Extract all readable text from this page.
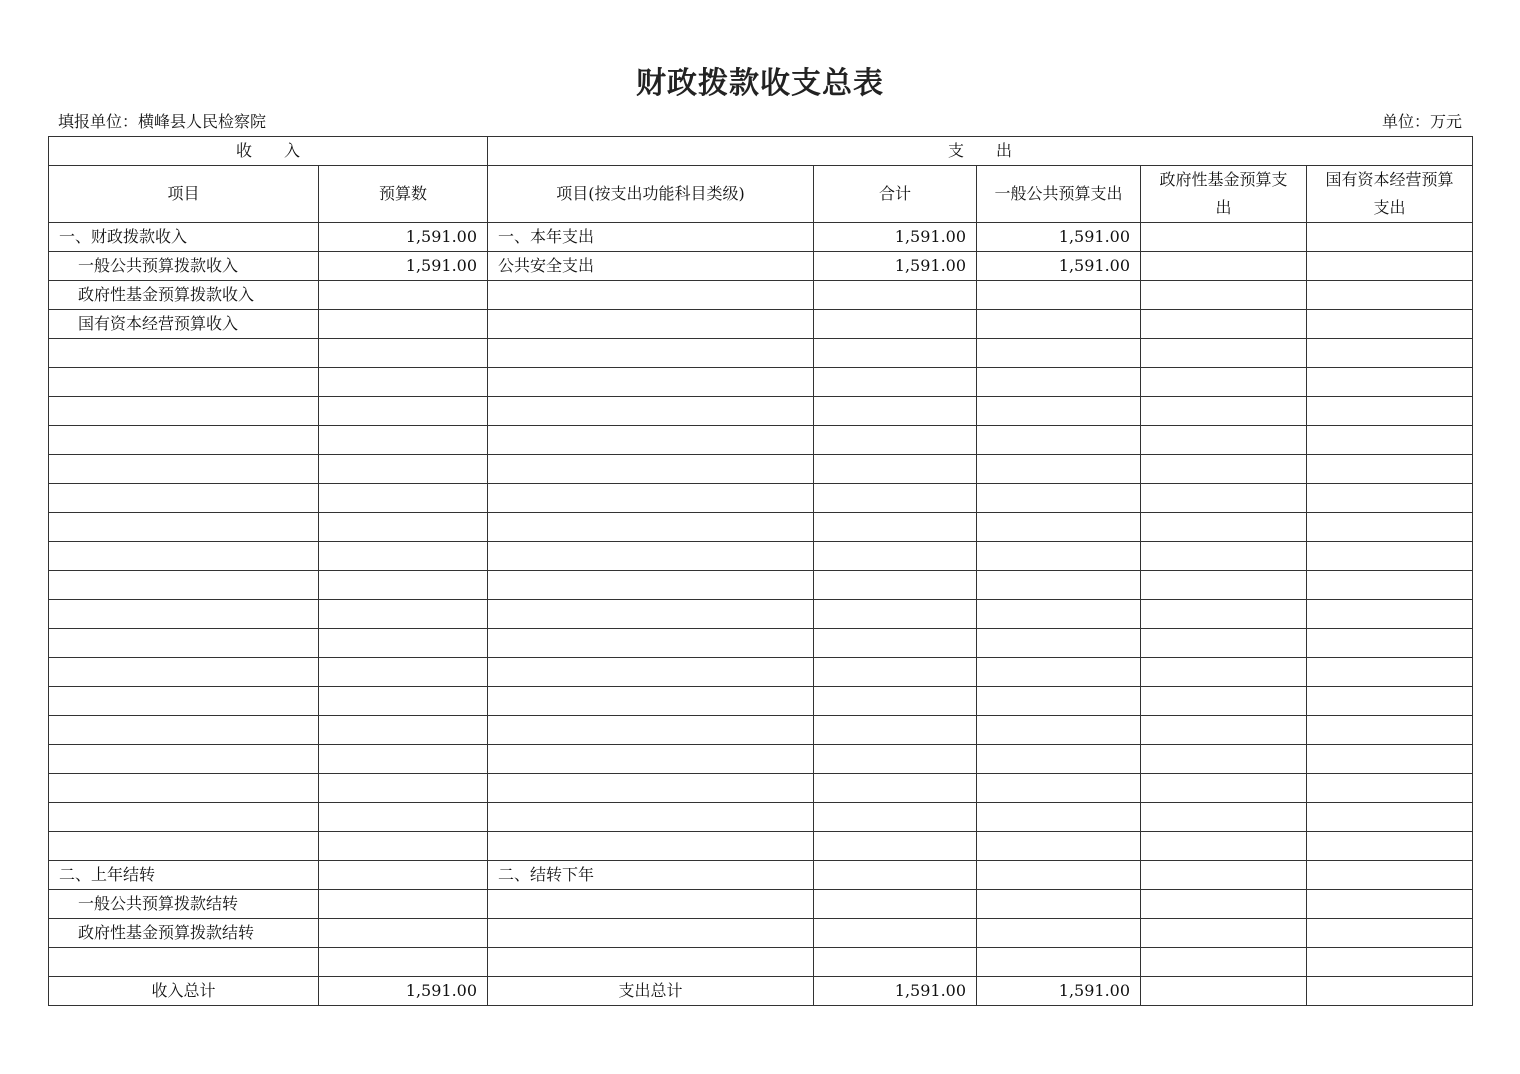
财政拨款收支总表
填报单位：横峰县人民检察院	单位：万元
收　　入		支　　出				
项目	预算数	项目(按支出功能科目类级)	合计	一般公共预算支出	政府性基金预算支出	国有资本经营预算支出
一、财政拨款收入	1,591.00	一、本年支出	1,591.00	1,591.00		
一般公共预算拨款收入	1,591.00	公共安全支出	1,591.00	1,591.00		
政府性基金预算拨款收入						
国有资本经营预算收入						

二、上年结转		二、结转下年				
一般公共预算拨款结转						
政府性基金预算拨款结转						

收入总计	1,591.00	支出总计	1,591.00	1,591.00		
